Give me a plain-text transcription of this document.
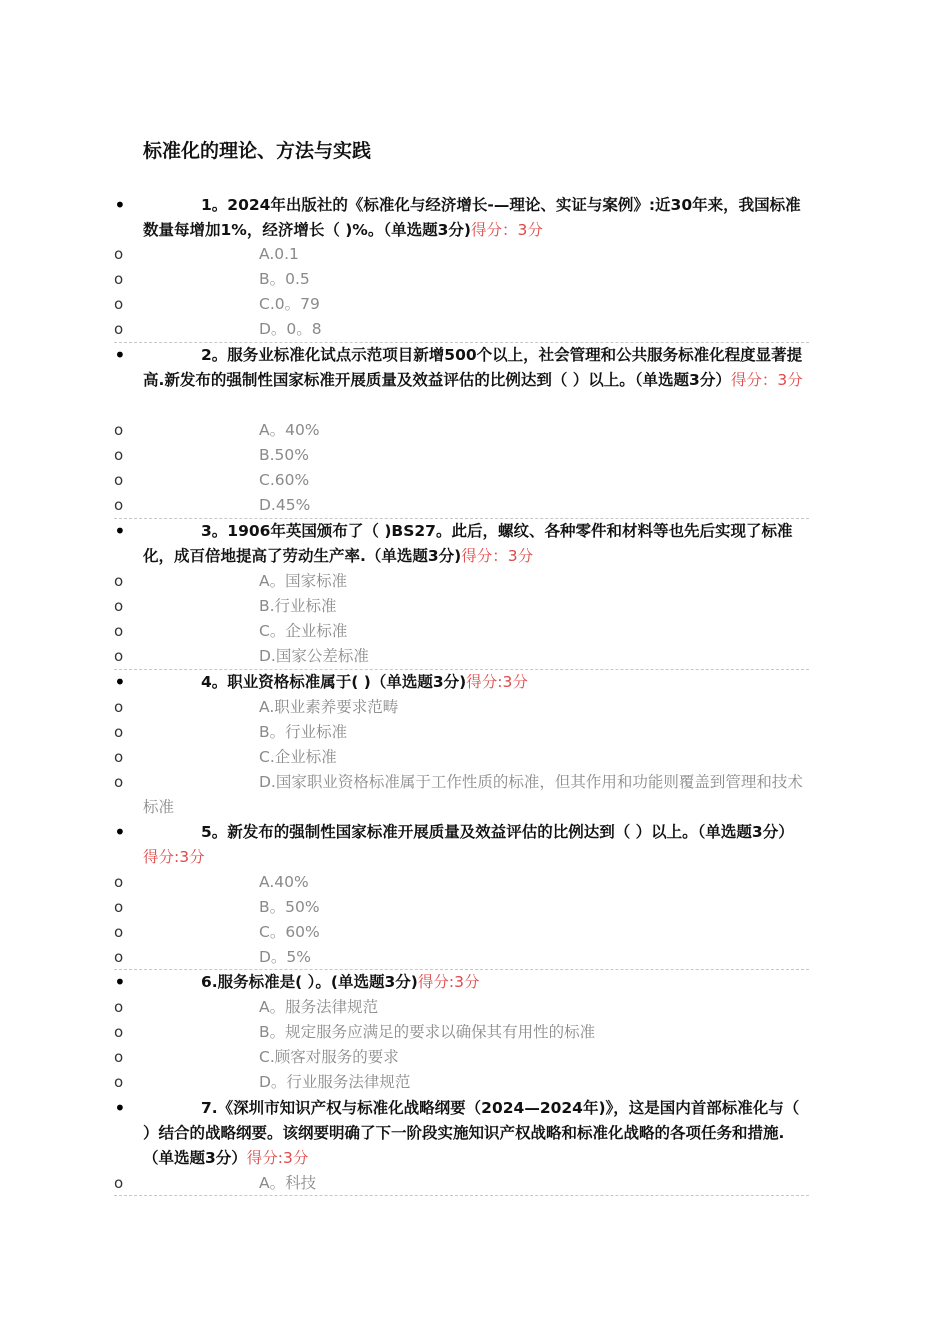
标准化的理论、方法与实践
•	1。2024年出版社的《标准化与经济增长-—理论、实证与案例》:近30年来，我国标准数量每增加1%，经济增长（ )%。（单选题3分)得分：3分
o	A.0.1
o	B。0.5
o	C.0。79
o	D。0。8
•	2。服务业标准化试点示范项目新增500个以上，社会管理和公共服务标准化程度显著提高.新发布的强制性国家标准开展质量及效益评估的比例达到（ ）以上。（单选题3分）得分：3分
o	A。40%
o	B.50%
o	C.60%
o	D.45%
•	3。1906年英国颁布了（ )BS27。此后，螺纹、各种零件和材料等也先后实现了标准化，成百倍地提高了劳动生产率.（单选题3分)得分：3分
o	A。国家标准
o	B.行业标准
o	C。企业标准
o	D.国家公差标准
•	4。职业资格标准属于( )（单选题3分)得分:3分
o	A.职业素养要求范畴
o	B。行业标准
o	C.企业标准
o	D.国家职业资格标准属于工作性质的标准，但其作用和功能则覆盖到管理和技术标准
•	5。新发布的强制性国家标准开展质量及效益评估的比例达到（ ）以上。（单选题3分）得分:3分
o	A.40%
o	B。50%
o	C。60%
o	D。5%
•	6.服务标准是( ）。(单选题3分)得分:3分
o	A。服务法律规范
o	B。规定服务应满足的要求以确保其有用性的标准
o	C.顾客对服务的要求
o	D。行业服务法律规范
•	7.《深圳市知识产权与标准化战略纲要（2024—2024年)》，这是国内首部标准化与（ ）结合的战略纲要。该纲要明确了下一阶段实施知识产权战略和标准化战略的各项任务和措施.（单选题3分）得分:3分
o	A。科技
